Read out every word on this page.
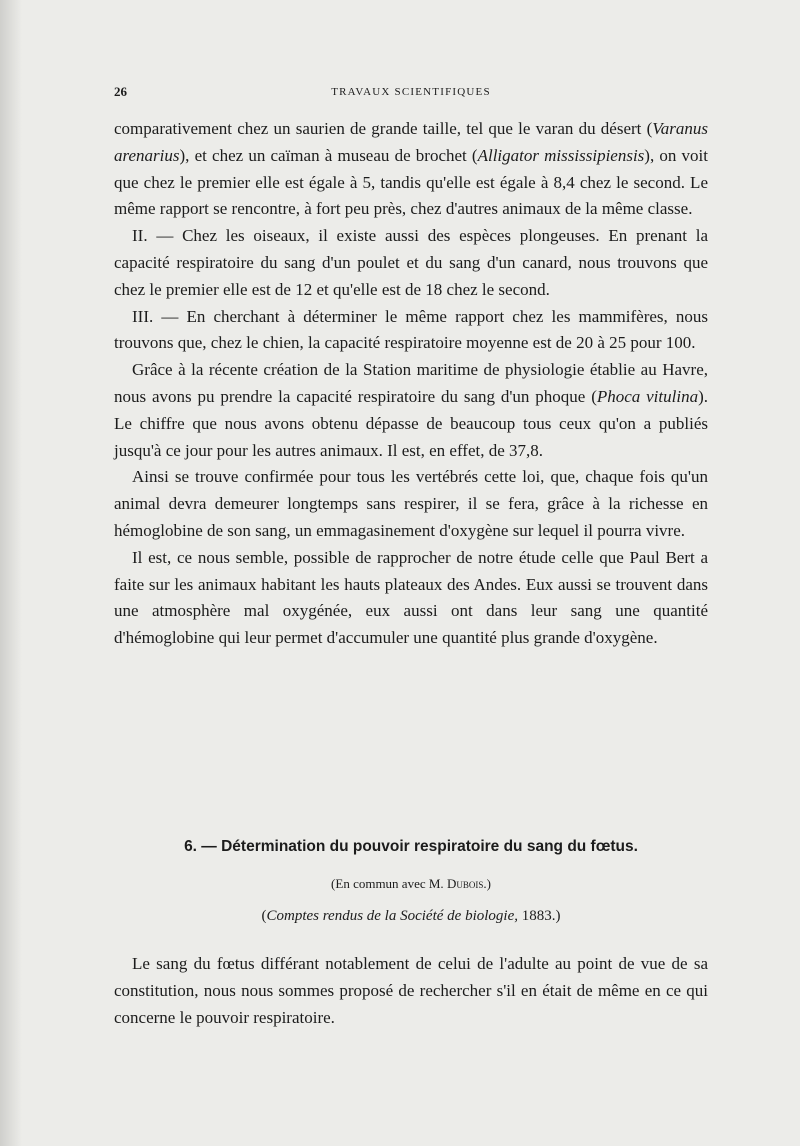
26	TRAVAUX SCIENTIFIQUES

comparativement chez un saurien de grande taille, tel que le varan du désert (Varanus arenarius), et chez un caïman à museau de brochet (Alligator mississipiensis), on voit que chez le premier elle est égale à 5, tandis qu'elle est égale à 8,4 chez le second. Le même rapport se rencontre, à fort peu près, chez d'autres animaux de la même classe.

II. — Chez les oiseaux, il existe aussi des espèces plongeuses. En prenant la capacité respiratoire du sang d'un poulet et du sang d'un canard, nous trouvons que chez le premier elle est de 12 et qu'elle est de 18 chez le second.

III. — En cherchant à déterminer le même rapport chez les mammifères, nous trouvons que, chez le chien, la capacité respiratoire moyenne est de 20 à 25 pour 100.

Grâce à la récente création de la Station maritime de physiologie établie au Havre, nous avons pu prendre la capacité respiratoire du sang d'un phoque (Phoca vitulina). Le chiffre que nous avons obtenu dépasse de beaucoup tous ceux qu'on a publiés jusqu'à ce jour pour les autres animaux. Il est, en effet, de 37,8.

Ainsi se trouve confirmée pour tous les vertébrés cette loi, que, chaque fois qu'un animal devra demeurer longtemps sans respirer, il se fera, grâce à la richesse en hémoglobine de son sang, un emmagasinement d'oxygène sur lequel il pourra vivre.

Il est, ce nous semble, possible de rapprocher de notre étude celle que Paul Bert a faite sur les animaux habitant les hauts plateaux des Andes. Eux aussi se trouvent dans une atmosphère mal oxygénée, eux aussi ont dans leur sang une quantité d'hémoglobine qui leur permet d'accumuler une quantité plus grande d'oxygène.

6. — Détermination du pouvoir respiratoire du sang du fœtus.

(En commun avec M. Dubois.)

(Comptes rendus de la Société de biologie, 1883.)

Le sang du fœtus différant notablement de celui de l'adulte au point de vue de sa constitution, nous nous sommes proposé de rechercher s'il en était de même en ce qui concerne le pouvoir respiratoire.
